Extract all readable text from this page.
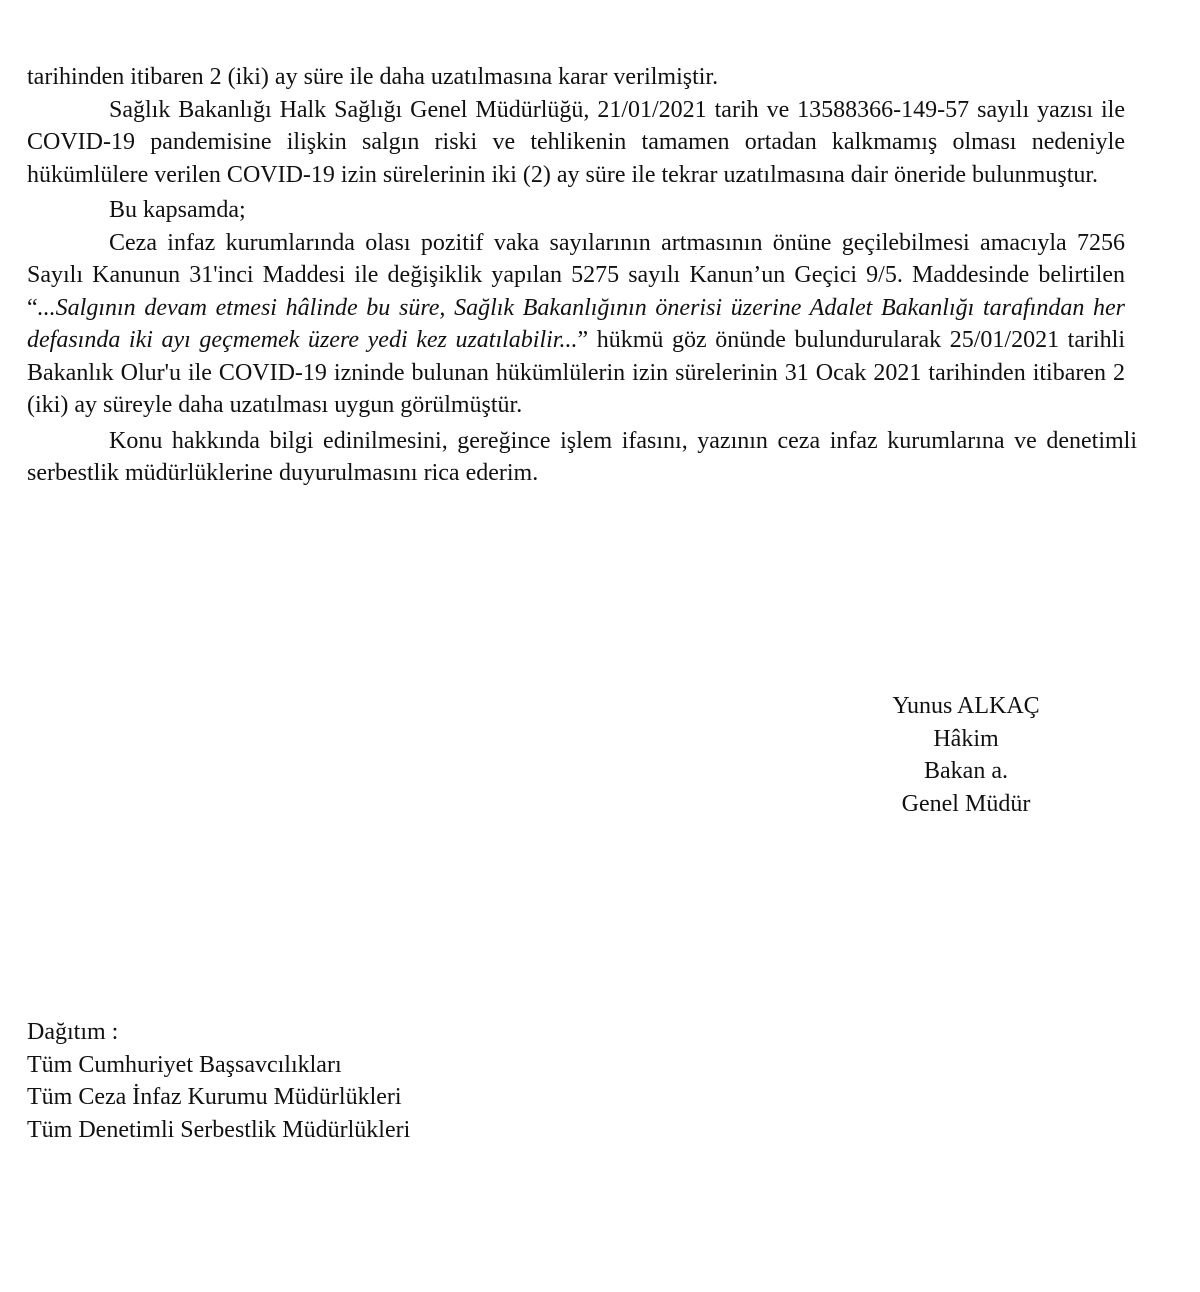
tarihinden itibaren 2 (iki) ay süre ile daha uzatılmasına karar verilmiştir.

Sağlık Bakanlığı Halk Sağlığı Genel Müdürlüğü, 21/01/2021 tarih ve 13588366-149-57 sayılı yazısı ile COVID-19 pandemisine ilişkin salgın riski ve tehlikenin tamamen ortadan kalkmamış olması nedeniyle hükümlülere verilen COVID-19 izin sürelerinin iki (2) ay süre ile tekrar uzatılmasına dair öneride bulunmuştur.

Bu kapsamda;

Ceza infaz kurumlarında olası pozitif vaka sayılarının artmasının önüne geçilebilmesi amacıyla 7256 Sayılı Kanunun 31'inci Maddesi ile değişiklik yapılan 5275 sayılı Kanun’un Geçici 9/5. Maddesinde belirtilen “...Salgının devam etmesi hâlinde bu süre, Sağlık Bakanlığının önerisi üzerine Adalet Bakanlığı tarafından her defasında iki ayı geçmemek üzere yedi kez uzatılabilir...” hükmü göz önünde bulundurularak 25/01/2021 tarihli Bakanlık Olur'u ile COVID-19 izninde bulunan hükümlülerin izin sürelerinin 31 Ocak 2021 tarihinden itibaren 2 (iki) ay süreyle daha uzatılması uygun görülmüştür.

Konu hakkında bilgi edinilmesini, gereğince işlem ifasını, yazının ceza infaz kurumlarına ve denetimli serbestlik müdürlüklerine duyurulmasını rica ederim.

Yunus ALKAÇ
Hâkim
Bakan a.
Genel Müdür
Dağıtım :
Tüm Cumhuriyet Başsavcılıkları
Tüm Ceza İnfaz Kurumu Müdürlükleri
Tüm Denetimli Serbestlik Müdürlükleri
